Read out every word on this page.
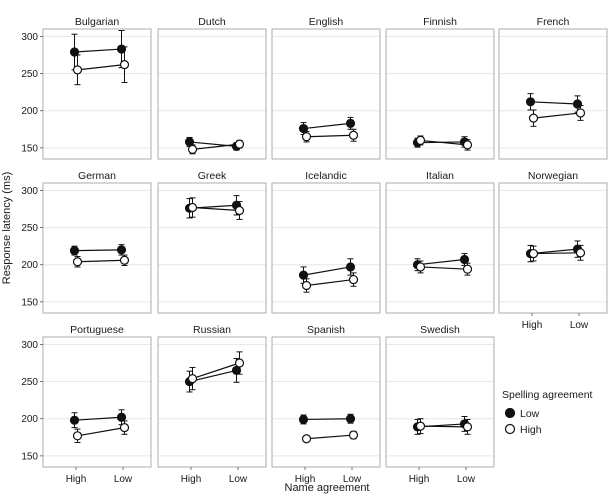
Response latency (ms)
Name agreement
Bulgarian
150
200
250
300
Dutch	English	Finnish	French
German
150
200
250
300
Greek	Icelandic	Italian	Norwegian
High	Low
Portuguese
150
200
250
300
High	Low
Russian
High	Low
Spanish
High	Low
Swedish
High	Low
Spelling agreement
Low
High
